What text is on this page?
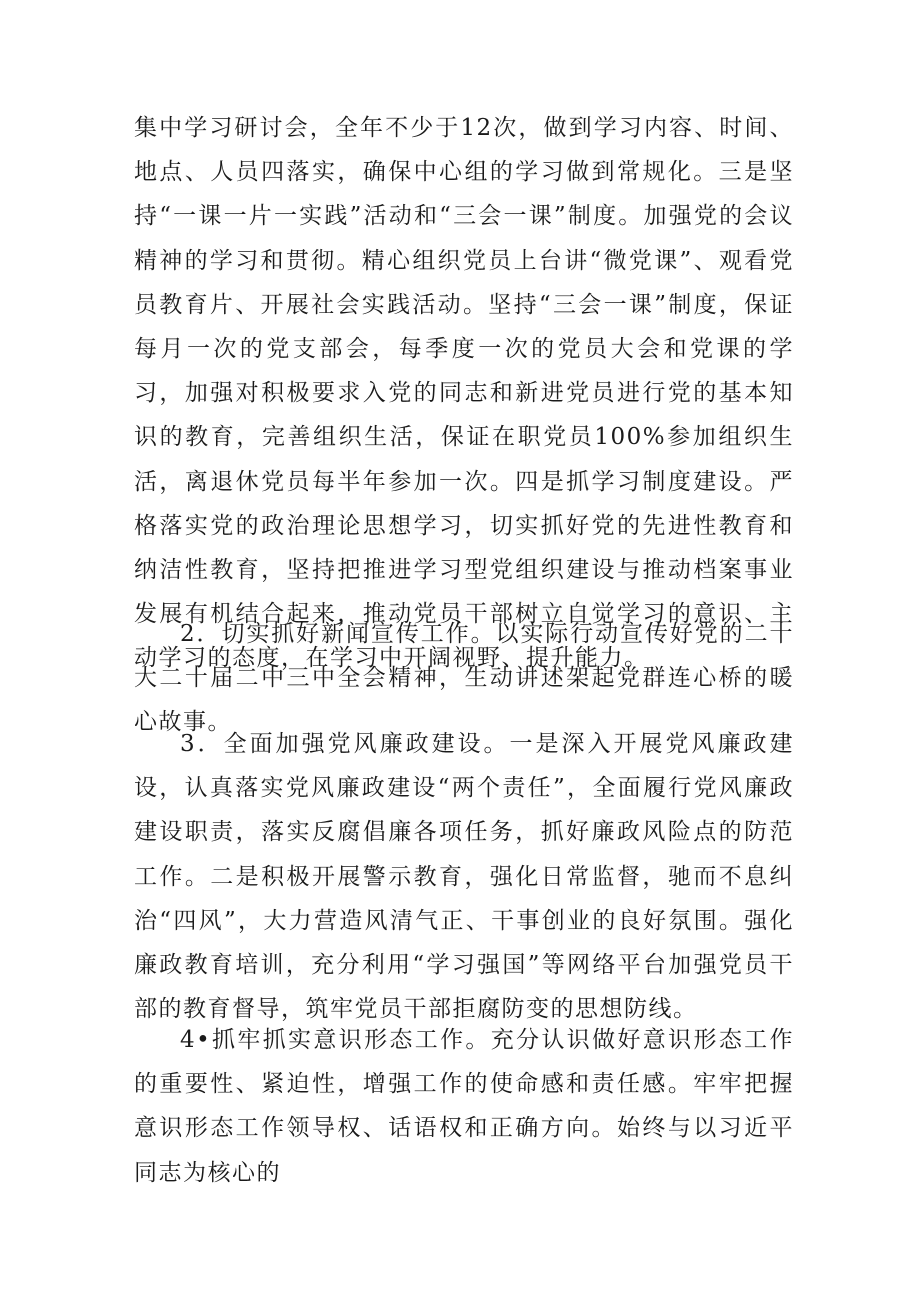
集中学习研讨会，全年不少于12次，做到学习内容、时间、地点、人员四落实，确保中心组的学习做到常规化。三是坚持“一课一片一实践”活动和“三会一课”制度。加强党的会议精神的学习和贯彻。精心组织党员上台讲“微党课”、观看党员教育片、开展社会实践活动。坚持“三会一课”制度，保证每月一次的党支部会，每季度一次的党员大会和党课的学习，加强对积极要求入党的同志和新进党员进行党的基本知识的教育，完善组织生活，保证在职党员100%参加组织生活，离退休党员每半年参加一次。四是抓学习制度建设。严格落实党的政治理论思想学习，切实抓好党的先进性教育和纳洁性教育，坚持把推进学习型党组织建设与推动档案事业发展有机结合起来，推动党员干部树立自觉学习的意识、主动学习的态度，在学习中开阔视野、提升能力。

2．切实抓好新闻宣传工作。以实际行动宣传好党的二十大二十届二中三中全会精神，生动讲述架起党群连心桥的暖心故事。

3．全面加强党风廉政建设。一是深入开展党风廉政建设，认真落实党风廉政建设“两个责任”，全面履行党风廉政建设职责，落实反腐倡廉各项任务，抓好廉政风险点的防范工作。二是积极开展警示教育，强化日常监督，驰而不息纠治“四风”，大力营造风清气正、干事创业的良好氛围。强化廉政教育培训，充分利用“学习强国”等网络平台加强党员干部的教育督导，筑牢党员干部拒腐防变的思想防线。

4•抓牢抓实意识形态工作。充分认识做好意识形态工作的重要性、紧迫性，增强工作的使命感和责任感。牢牢把握意识形态工作领导权、话语权和正确方向。始终与以习近平同志为核心的
